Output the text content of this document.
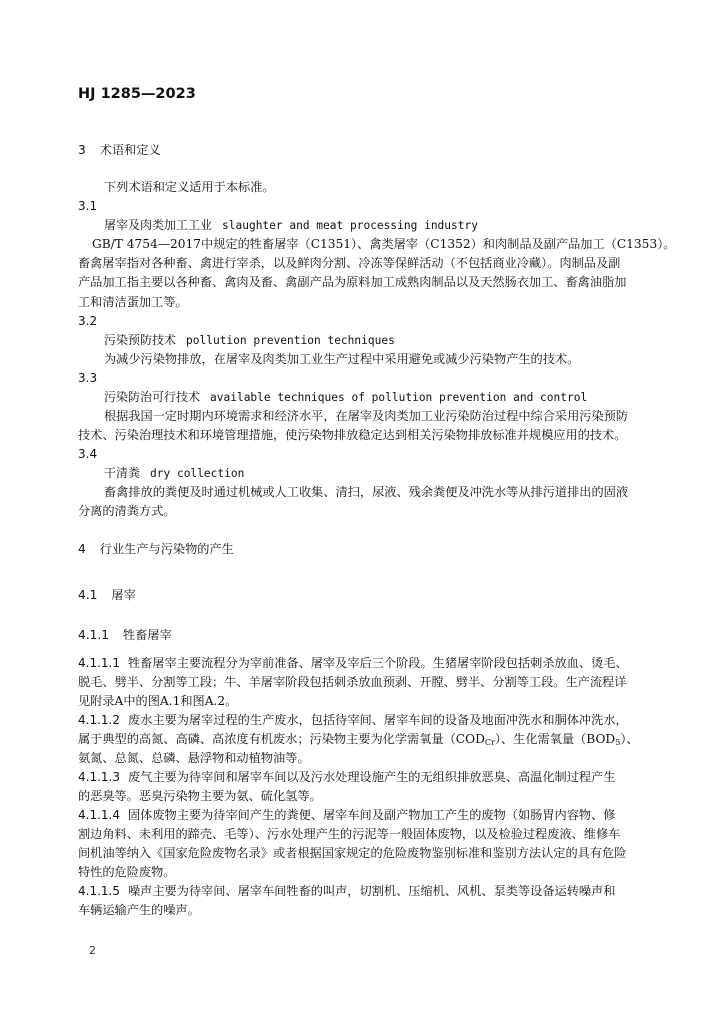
HJ 1285—2023
3 术语和定义
下列术语和定义适用于本标准。
3.1
屠宰及肉类加工工业 slaughter and meat processing industry
GB/T 4754—2017中规定的牲畜屠宰（C1351）、禽类屠宰（C1352）和肉制品及副产品加工（C1353）。
畜禽屠宰指对各种畜、禽进行宰杀，以及鲜肉分割、冷冻等保鲜活动（不包括商业冷藏）。肉制品及副
产品加工指主要以各种畜、禽肉及畜、禽副产品为原料加工成熟肉制品以及天然肠衣加工、畜禽油脂加
工和清洁蛋加工等。
3.2
污染预防技术 pollution prevention techniques
为减少污染物排放，在屠宰及肉类加工业生产过程中采用避免或减少污染物产生的技术。
3.3
污染防治可行技术 available techniques of pollution prevention and control
根据我国一定时期内环境需求和经济水平，在屠宰及肉类加工业污染防治过程中综合采用污染预防
技术、污染治理技术和环境管理措施，使污染物排放稳定达到相关污染物排放标准并规模应用的技术。
3.4
干清粪 dry collection
畜禽排放的粪便及时通过机械或人工收集、清扫，尿液、残余粪便及冲洗水等从排污道排出的固液
分离的清粪方式。
4 行业生产与污染物的产生
4.1 屠宰
4.1.1 牲畜屠宰
4.1.1.1 牲畜屠宰主要流程分为宰前准备、屠宰及宰后三个阶段。生猪屠宰阶段包括刺杀放血、烫毛、
脱毛、劈半、分割等工段；牛、羊屠宰阶段包括刺杀放血预剥、开膛、劈半、分割等工段。生产流程详
见附录A中的图A.1和图A.2。
4.1.1.2 废水主要为屠宰过程的生产废水，包括待宰间、屠宰车间的设备及地面冲洗水和胴体冲洗水，
属于典型的高氮、高磷、高浓度有机废水；污染物主要为化学需氧量$(COD_{Cr})$、生化需氧量$(BOD_5)$、
氨氮、总氮、总磷、悬浮物和动植物油等。
4.1.1.3 废气主要为待宰间和屠宰车间以及污水处理设施产生的无组织排放恶臭、高温化制过程产生
的恶臭等。恶臭污染物主要为氨、硫化氢等。
4.1.1.4 固体废物主要为待宰间产生的粪便、屠宰车间及副产物加工产生的废物（如肠胃内容物、修
割边角料、未利用的蹄壳、毛等）、污水处理产生的污泥等一般固体废物，以及检验过程废液、维修车
间机油等纳入《国家危险废物名录》或者根据国家规定的危险废物鉴别标准和鉴别方法认定的具有危险
特性的危险废物。
4.1.1.5 噪声主要为待宰间、屠宰车间牲畜的叫声，切割机、压缩机、风机、泵类等设备运转噪声和
车辆运输产生的噪声。
2
